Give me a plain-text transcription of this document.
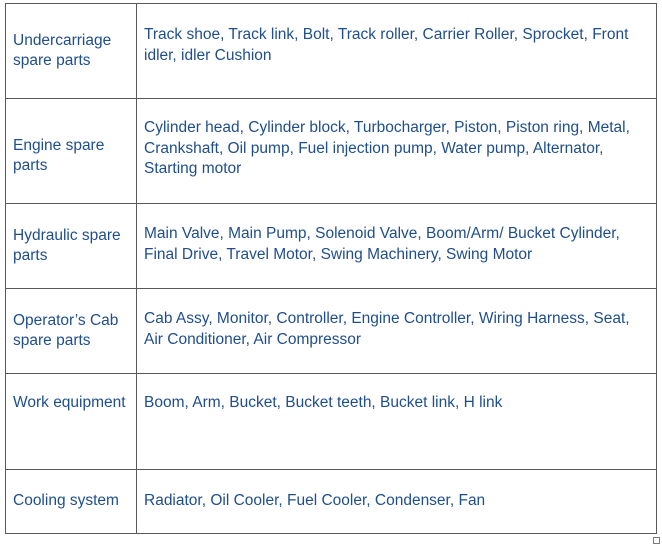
Undercarriage spare parts	Track shoe, Track link, Bolt, Track roller, Carrier Roller, Sprocket, Front idler, idler Cushion
Engine spare parts	Cylinder head, Cylinder block, Turbocharger, Piston, Piston ring, Metal, Crankshaft, Oil pump, Fuel injection pump, Water pump, Alternator, Starting motor
Hydraulic spare parts	Main Valve, Main Pump, Solenoid Valve, Boom/Arm/ Bucket Cylinder, Final Drive, Travel Motor, Swing Machinery, Swing Motor
Operator’s Cab spare parts	Cab Assy, Monitor, Controller, Engine Controller, Wiring Harness, Seat, Air Conditioner, Air Compressor
Work equipment	Boom, Arm, Bucket, Bucket teeth, Bucket link, H link
Cooling system	Radiator, Oil Cooler, Fuel Cooler, Condenser, Fan
